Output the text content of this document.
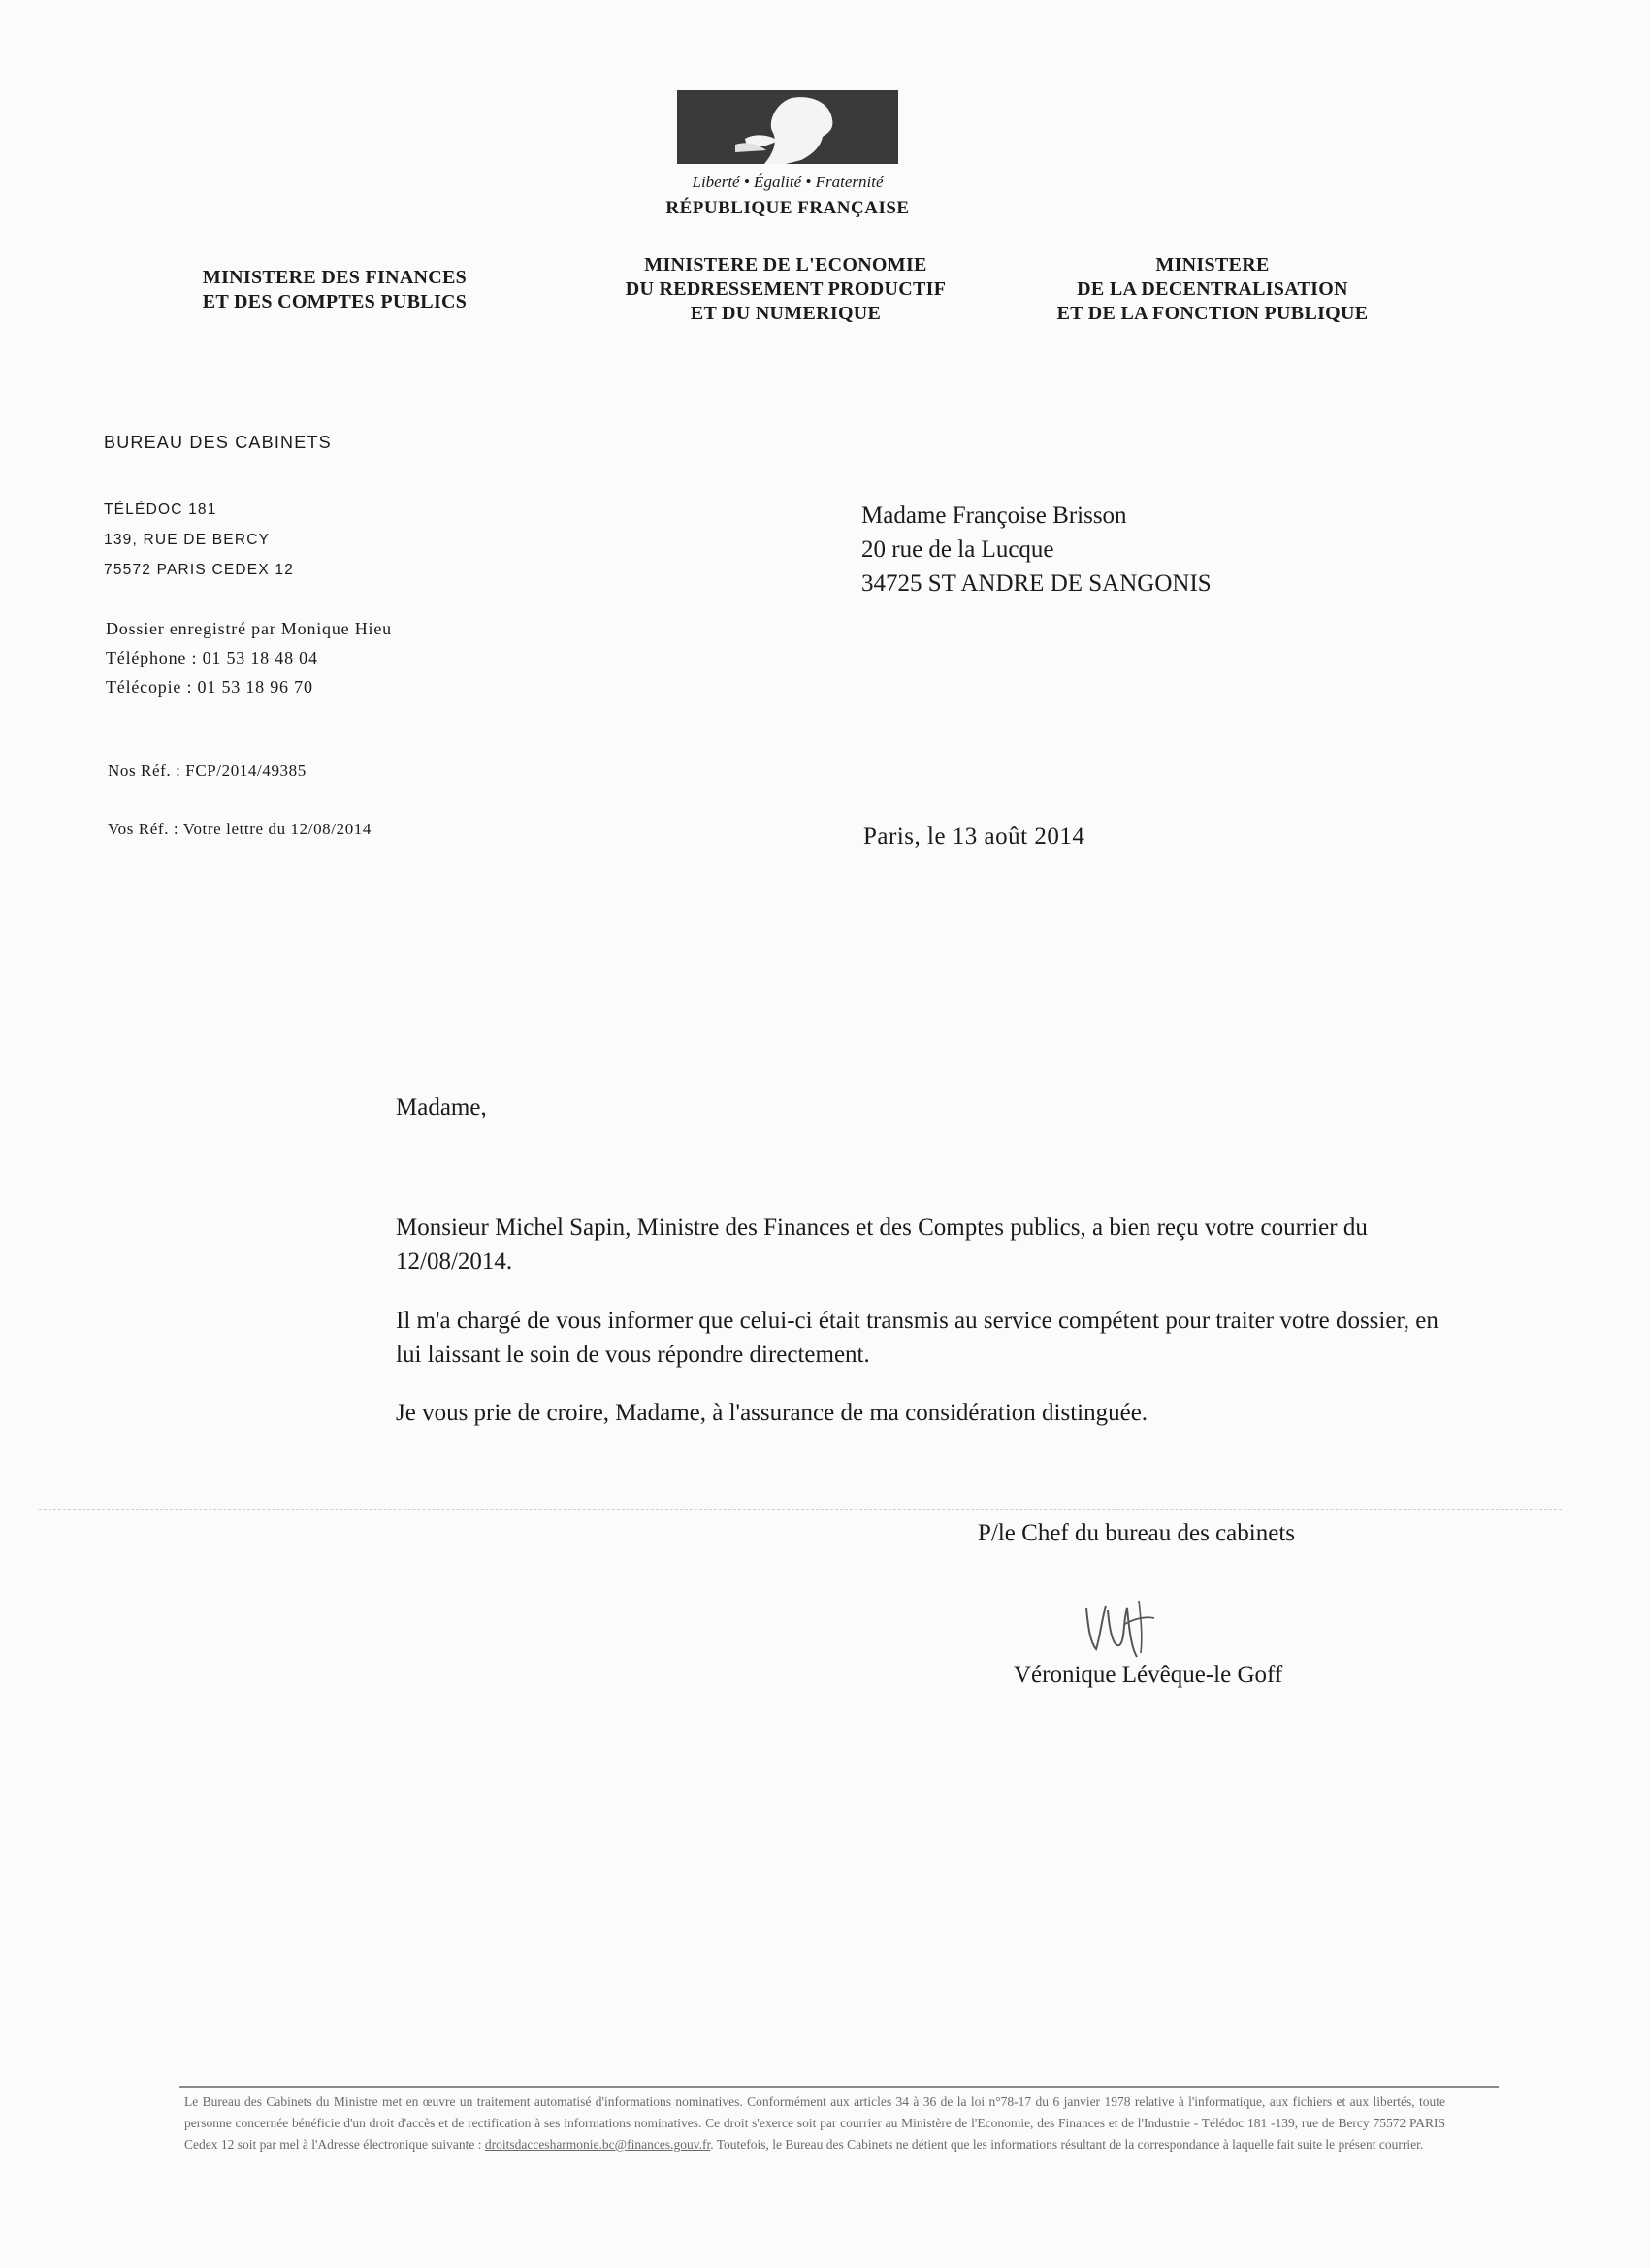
Liberté • Égalité • Fraternité
RÉPUBLIQUE FRANÇAISE
MINISTERE DES FINANCES
ET DES COMPTES PUBLICS
MINISTERE DE L'ECONOMIE
DU REDRESSEMENT PRODUCTIF
ET DU NUMERIQUE
MINISTERE
DE LA DECENTRALISATION
ET DE LA FONCTION PUBLIQUE
BUREAU DES CABINETS
TÉLÉDOC 181
139, RUE DE BERCY
75572 PARIS CEDEX 12
Dossier enregistré par Monique Hieu
Téléphone : 01 53 18 48 04
Télécopie : 01 53 18 96 70
Nos Réf. : FCP/2014/49385
Vos Réf. : Votre lettre du 12/08/2014
Madame Françoise Brisson
20 rue de la Lucque
34725 ST ANDRE DE SANGONIS
Paris, le 13 août 2014
Madame,
Monsieur Michel Sapin, Ministre des Finances et des Comptes publics, a bien reçu votre courrier du 12/08/2014.
Il m'a chargé de vous informer que celui-ci était transmis au service compétent pour traiter votre dossier, en lui laissant le soin de vous répondre directement.
Je vous prie de croire, Madame, à l'assurance de ma considération distinguée.
P/le Chef du bureau des cabinets
Véronique Lévêque-le Goff
Le Bureau des Cabinets du Ministre met en œuvre un traitement automatisé d'informations nominatives. Conformément aux articles 34 à 36 de la loi n°78-17 du 6 janvier 1978 relative à l'informatique, aux fichiers et aux libertés, toute personne concernée bénéficie d'un droit d'accès et de rectification à ses informations nominatives. Ce droit s'exerce soit par courrier au Ministère de l'Economie, des Finances et de l'Industrie - Télédoc 181 -139, rue de Bercy 75572 PARIS Cedex 12 soit par mel à l'Adresse électronique suivante : droitsdaccesharmonie.bc@finances.gouv.fr. Toutefois, le Bureau des Cabinets ne détient que les informations résultant de la correspondance à laquelle fait suite le présent courrier.
